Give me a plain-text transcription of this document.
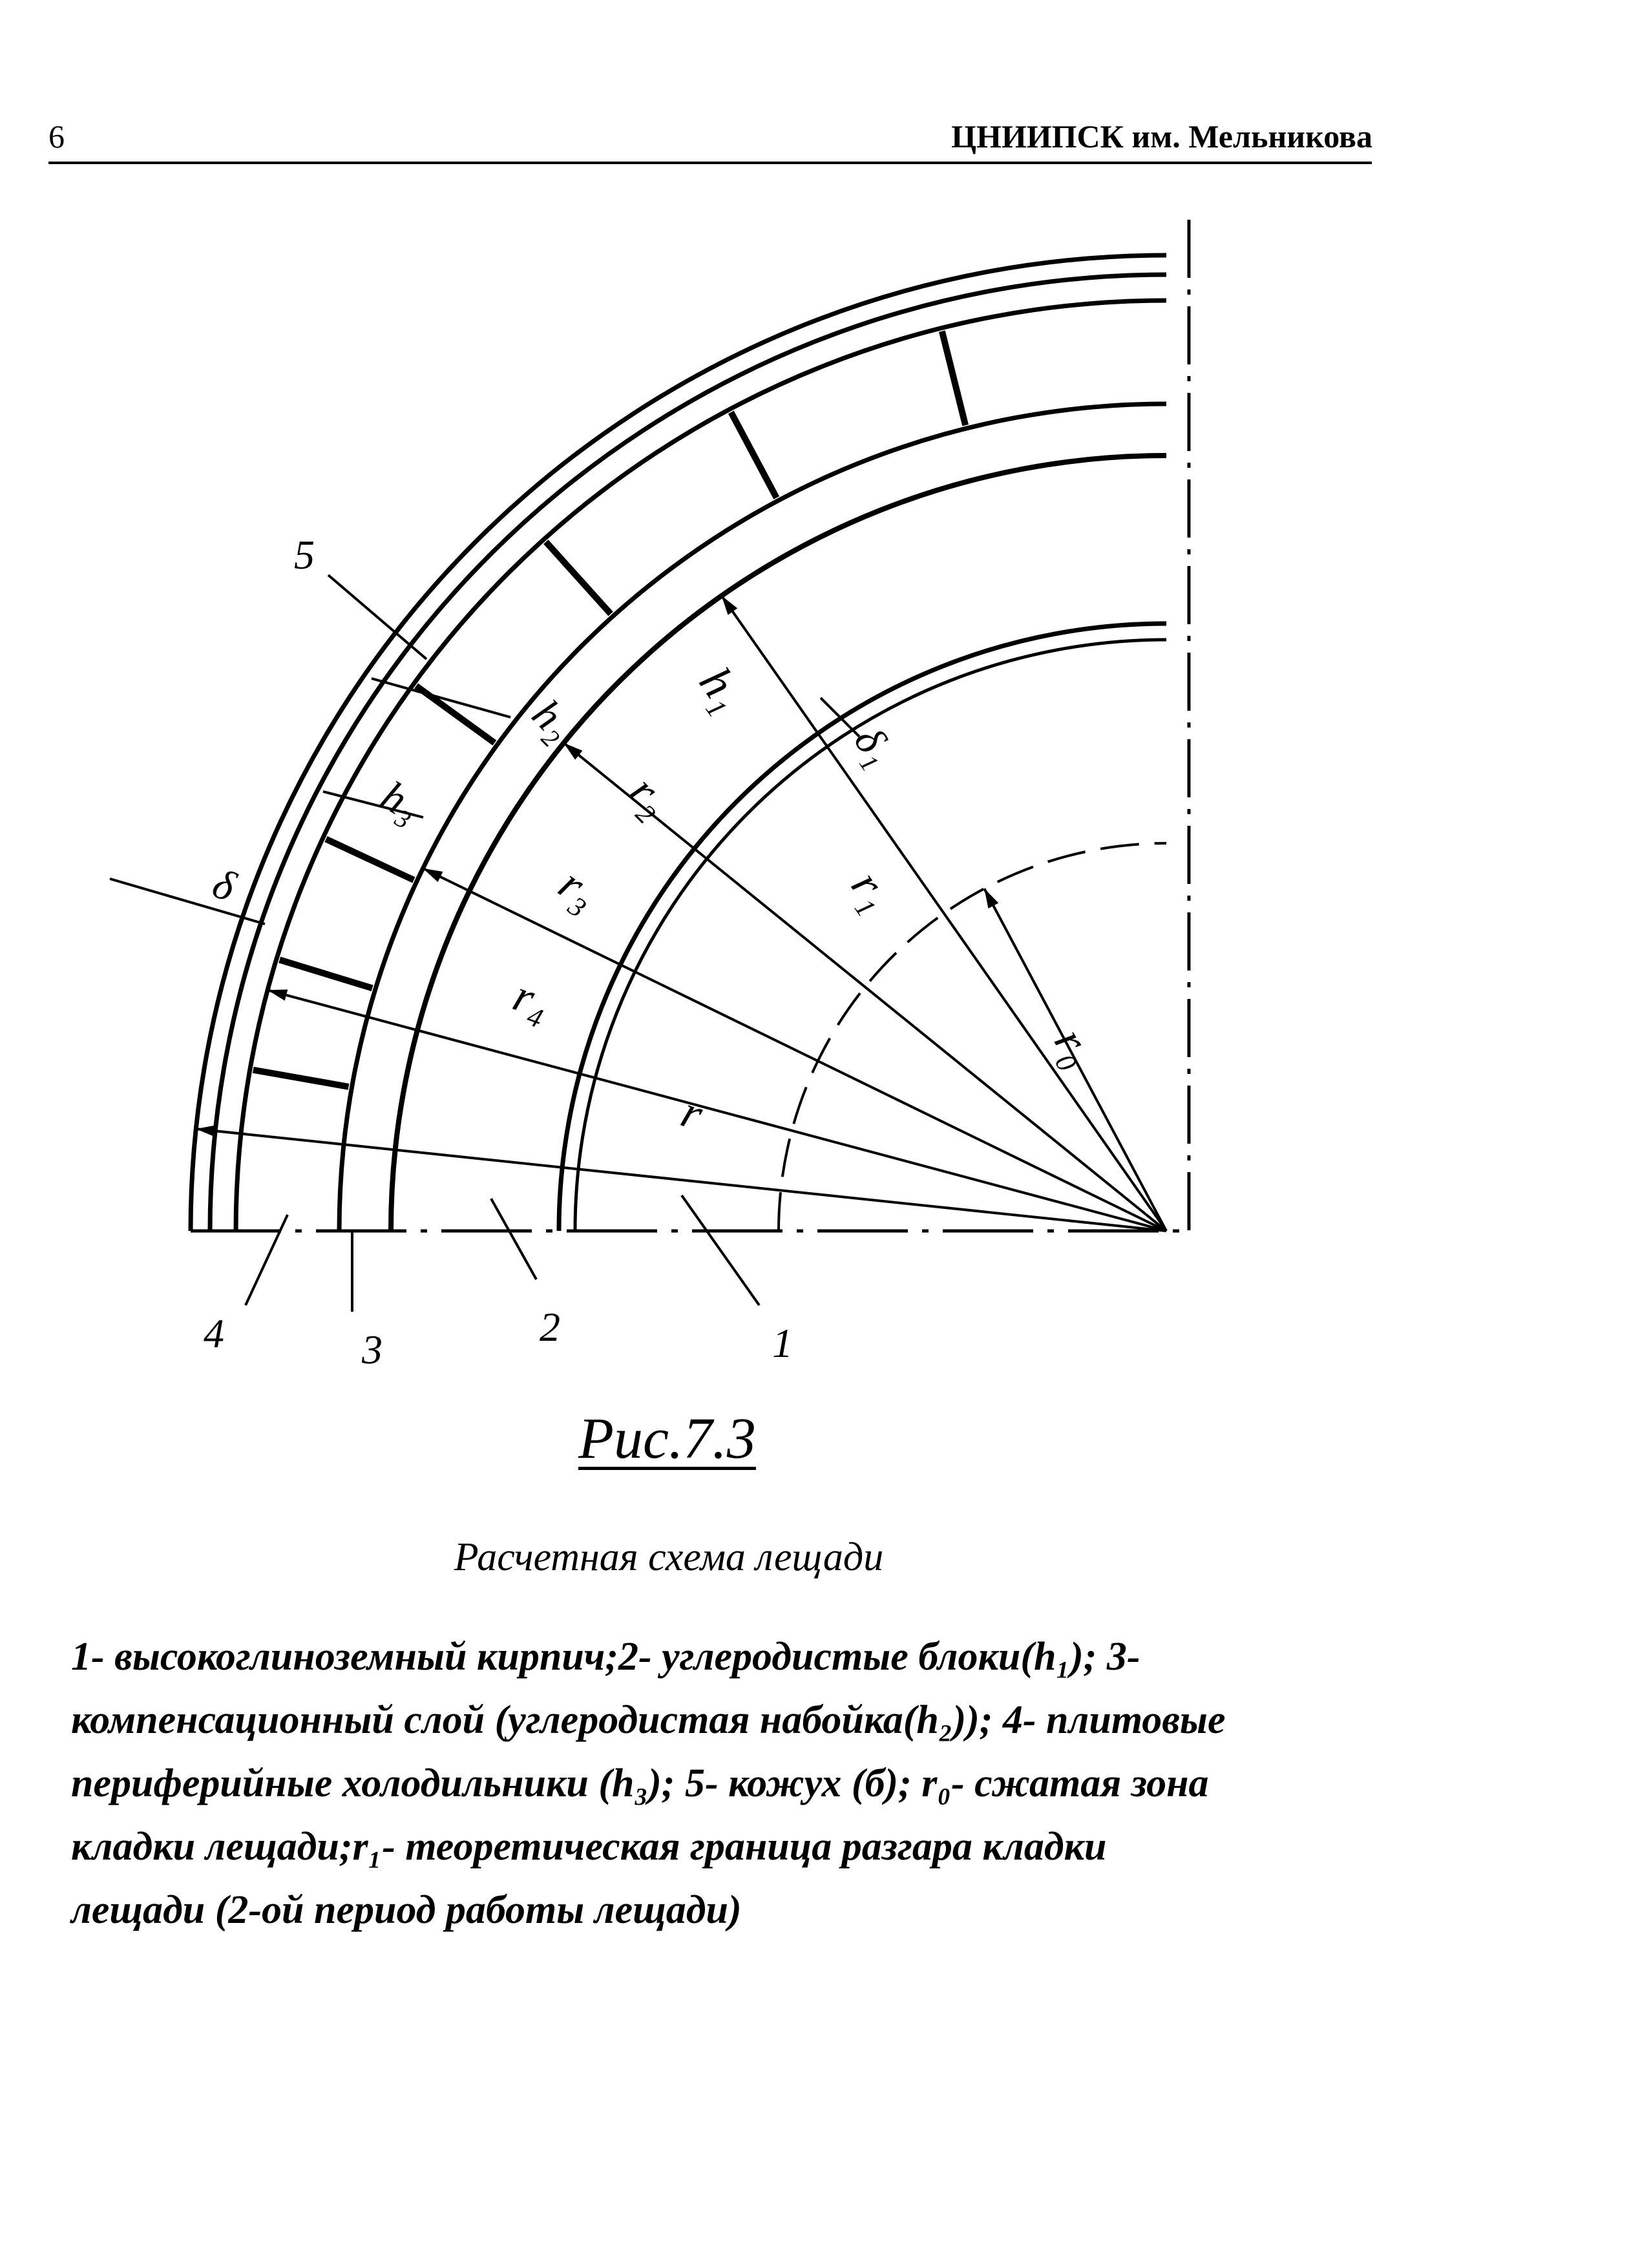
6	ЦНИИПСК им. Мельникова
5
1
2
3
4
r
r₄
r₃
r₂
r₁
r₀
h₁
h₂
h₃
δ₁
δ
Рис.7.3
Расчетная схема лещади
1- высокоглиноземный кирпич;2- углеродистые блоки(h₁); 3-
компенсационный слой (углеродистая набойка(h₂)); 4- плитовые
периферийные холодильники (h₃); 5- кожух (б); r₀- сжатая зона
кладки лещади;r₁- теоретическая граница разгара кладки
лещади (2-ой период работы лещади)
